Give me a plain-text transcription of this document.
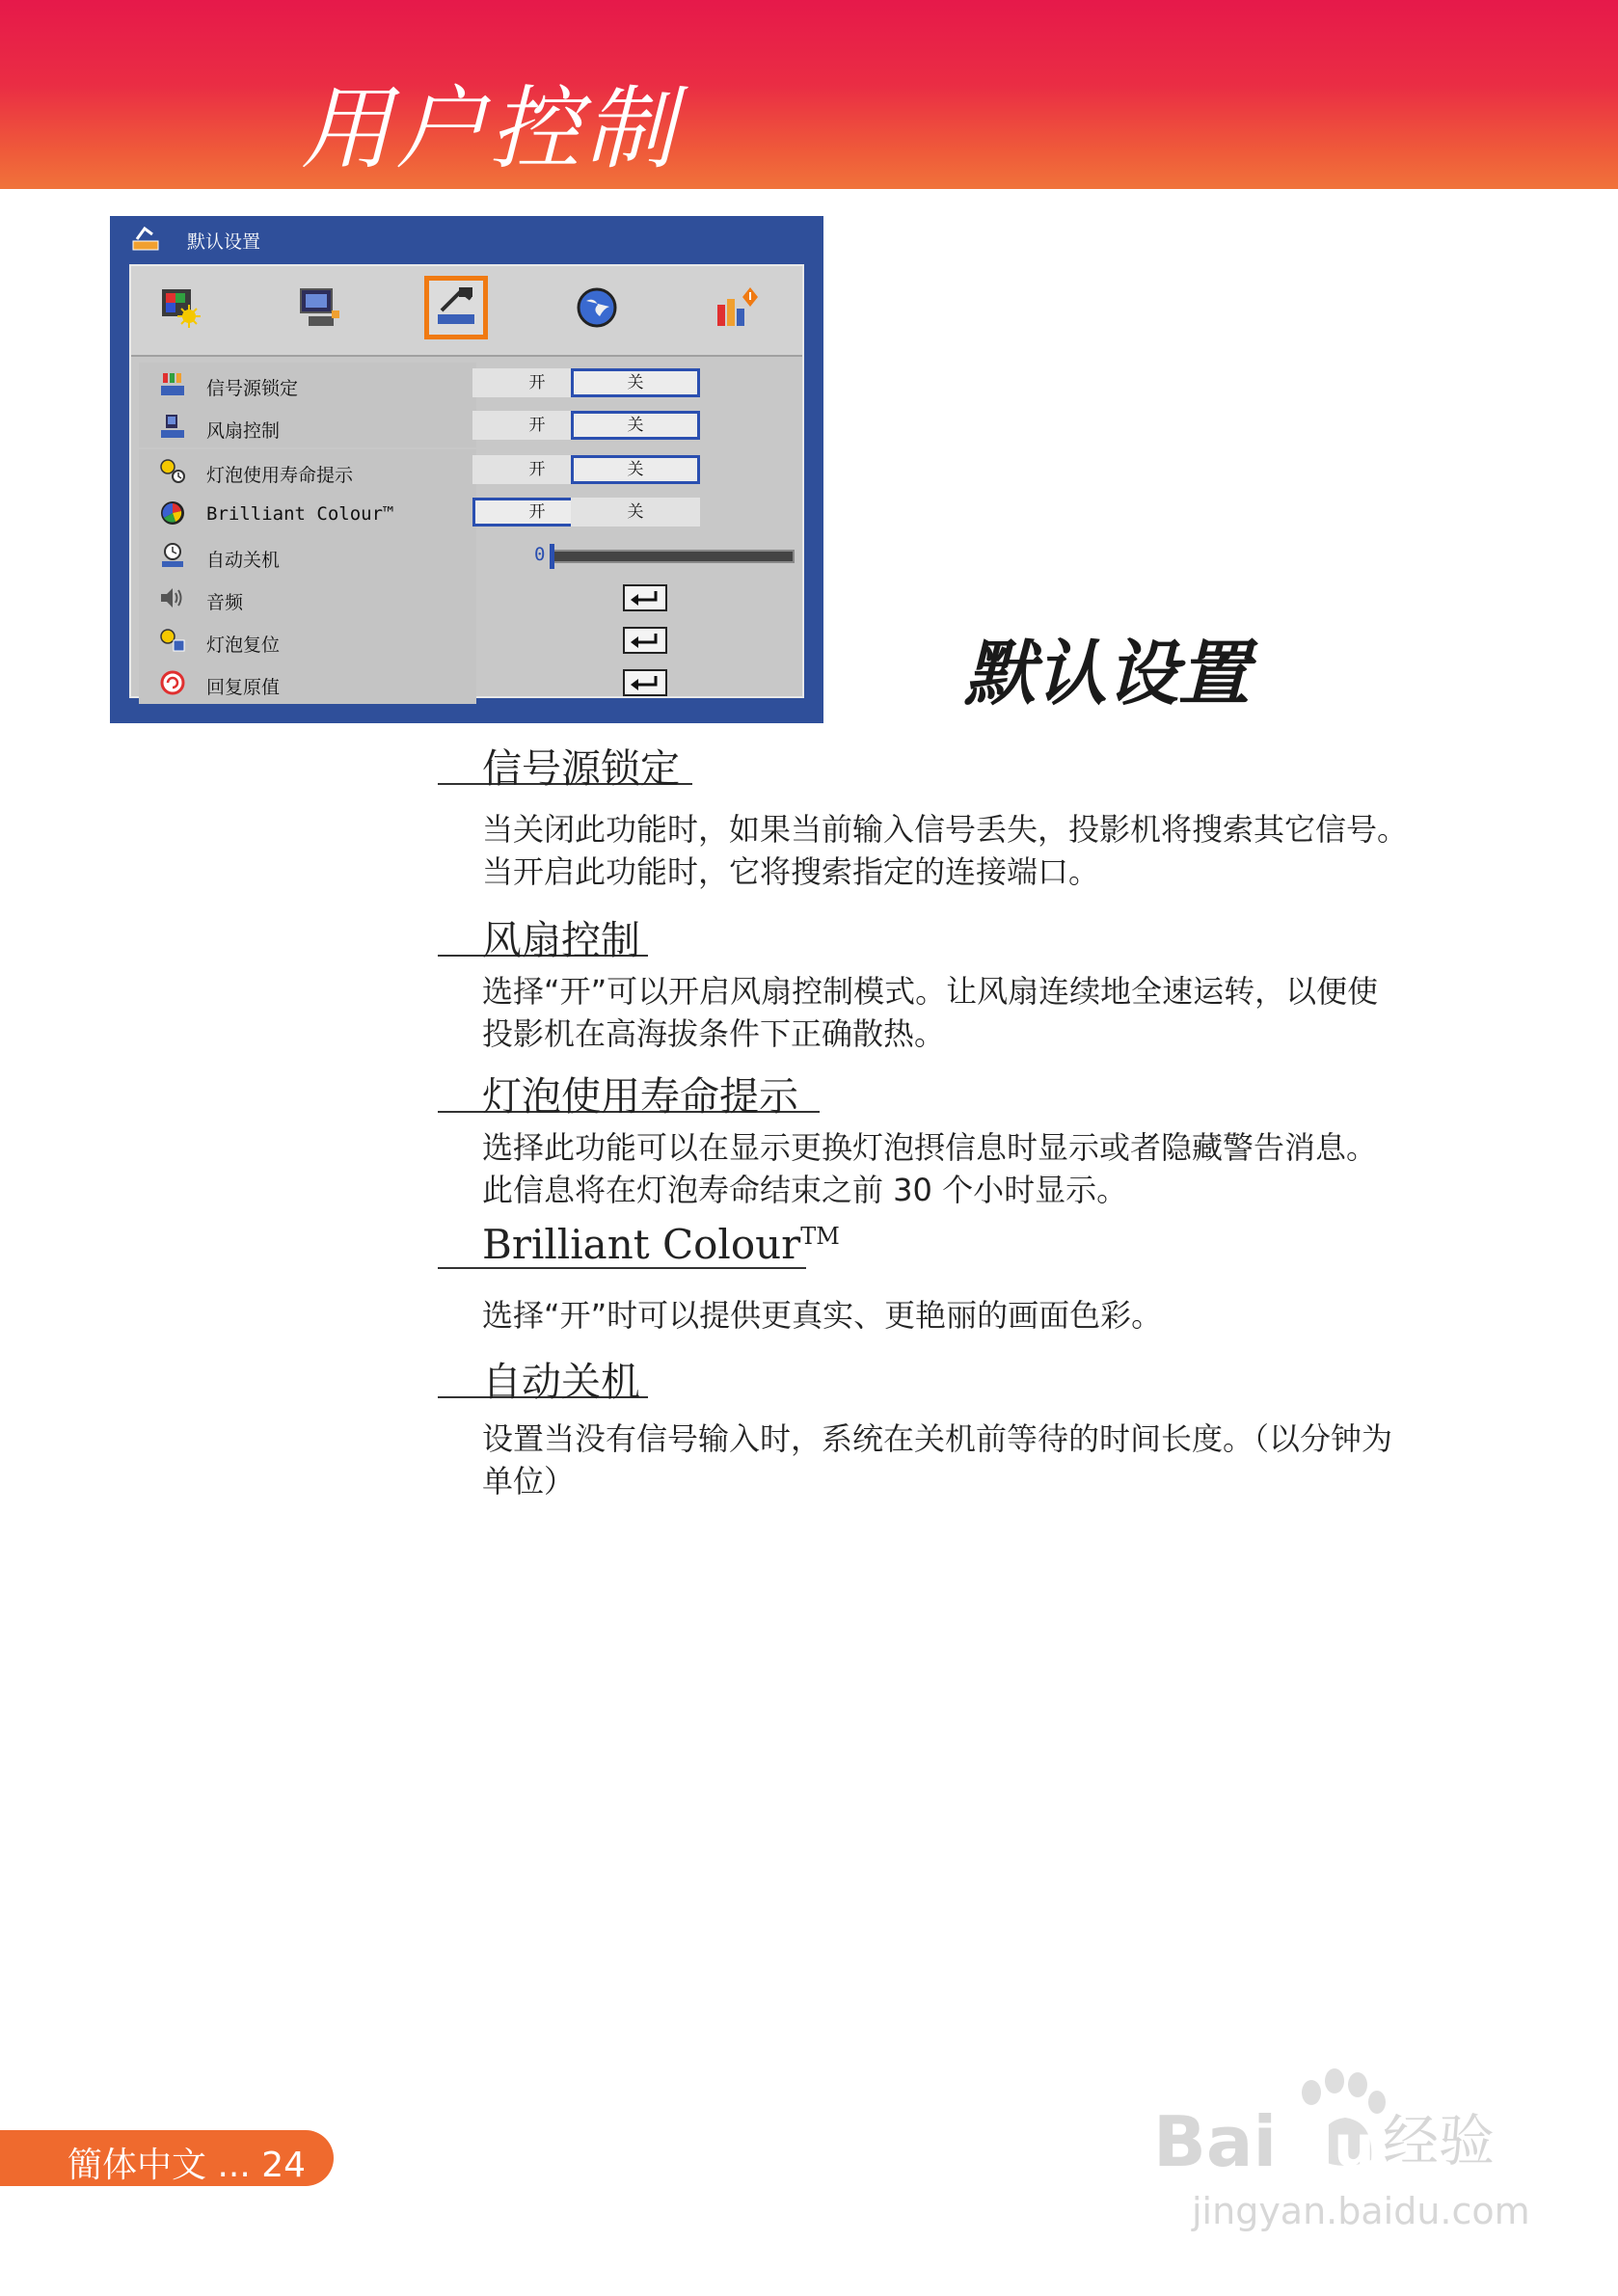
用户控制
默认设置
信号源锁定	开	关
风扇控制	开	关
灯泡使用寿命提示	开	关
Brilliant Colour™	开	关
自动关机	0
音频
灯泡复位
回复原值	默认设置
信号源锁定
当关闭此功能时，如果当前输入信号丢失，投影机将搜索其它信号。
当开启此功能时，它将搜索指定的连接端口。
风扇控制
选择“开”可以开启风扇控制模式。让风扇连续地全速运转，以便使
投影机在高海拔条件下正确散热。
灯泡使用寿命提示
选择此功能可以在显示更换灯泡摂信息时显示或者隐藏警告消息。
此信息将在灯泡寿命结束之前 30 个小时显示。
Brilliant Colour™
选择“开”时可以提供更真实、更艳丽的画面色彩。
自动关机
设置当没有信号输入时，系统在关机前等待的时间长度。（以分钟为
单位）
簡体中文 ... 24	Bai du 经验
jingyan.baidu.com
